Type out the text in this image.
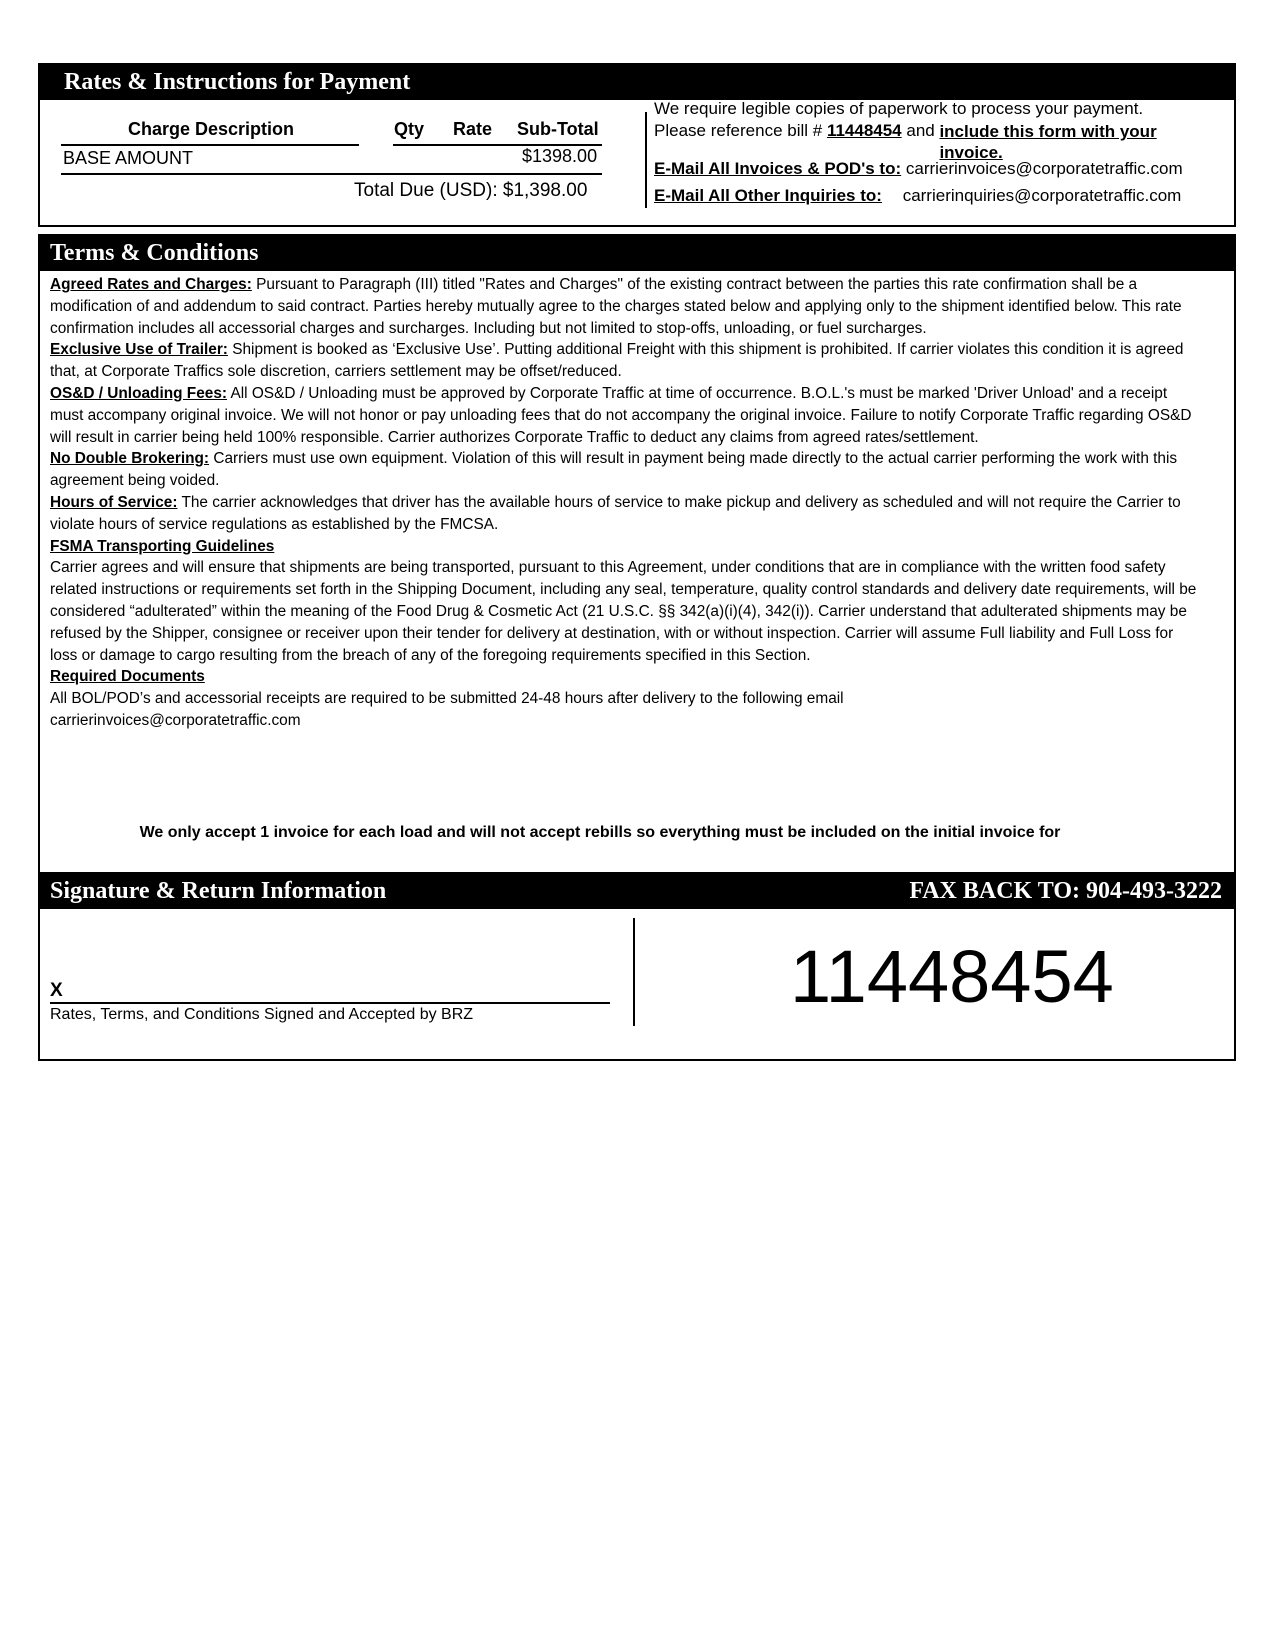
Rates & Instructions for Payment
Charge Description	Qty Rate Sub-Total
BASE AMOUNT	$1398.00
Total Due (USD): $1,398.00
We require legible copies of paperwork to process your payment.
Please reference bill # 11448454 and include this form with your invoice.
E-Mail All Invoices & POD's to: carrierinvoices@corporatetraffic.com
E-Mail All Other Inquiries to: carrierinquiries@corporatetraffic.com
Terms & Conditions

Agreed Rates and Charges: Pursuant to Paragraph (III) titled "Rates and Charges" of the existing contract between the parties this rate confirmation shall be a modification of and addendum to said contract. Parties hereby mutually agree to the charges stated below and applying only to the shipment identified below. This rate confirmation includes all accessorial charges and surcharges. Including but not limited to stop-offs, unloading, or fuel surcharges.

Exclusive Use of Trailer: Shipment is booked as ‘Exclusive Use’. Putting additional Freight with this shipment is prohibited. If carrier violates this condition it is agreed that, at Corporate Traffics sole discretion, carriers settlement may be offset/reduced.

OS&D / Unloading Fees: All OS&D / Unloading must be approved by Corporate Traffic at time of occurrence. B.O.L.'s must be marked 'Driver Unload' and a receipt must accompany original invoice. We will not honor or pay unloading fees that do not accompany the original invoice. Failure to notify Corporate Traffic regarding OS&D will result in carrier being held 100% responsible. Carrier authorizes Corporate Traffic to deduct any claims from agreed rates/settlement.

No Double Brokering: Carriers must use own equipment. Violation of this will result in payment being made directly to the actual carrier performing the work with this agreement being voided.

Hours of Service: The carrier acknowledges that driver has the available hours of service to make pickup and delivery as scheduled and will not require the Carrier to violate hours of service regulations as established by the FMCSA.

FSMA Transporting Guidelines

Carrier agrees and will ensure that shipments are being transported, pursuant to this Agreement, under conditions that are in compliance with the written food safety related instructions or requirements set forth in the Shipping Document, including any seal, temperature, quality control standards and delivery date requirements, will be considered “adulterated” within the meaning of the Food Drug & Cosmetic Act (21 U.S.C. §§ 342(a)(i)(4), 342(i)). Carrier understand that adulterated shipments may be refused by the Shipper, consignee or receiver upon their tender for delivery at destination, with or without inspection. Carrier will assume Full liability and Full Loss for loss or damage to cargo resulting from the breach of any of the foregoing requirements specified in this Section.

Required Documents

All BOL/POD’s and accessorial receipts are required to be submitted 24-48 hours after delivery to the following email carrierinvoices@corporatetraffic.com

We only accept 1 invoice for each load and will not accept rebills so everything must be included on the initial invoice for
Signature & Return Information	FAX BACK TO: 904-493-3222
X
Rates, Terms, and Conditions Signed and Accepted by BRZ	11448454
